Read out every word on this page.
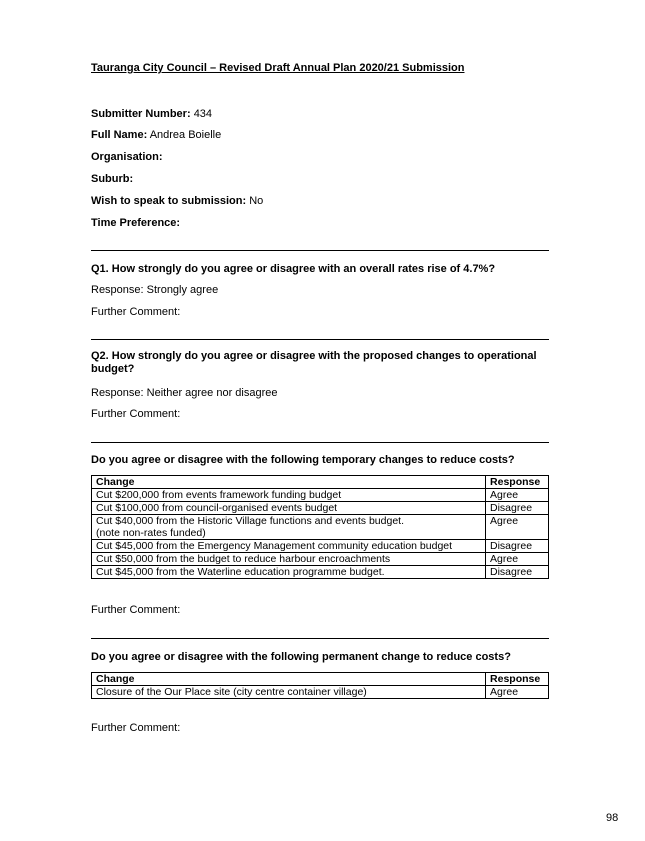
Tauranga City Council – Revised Draft Annual Plan 2020/21 Submission
Submitter Number: 434
Full Name: Andrea Boielle
Organisation:
Suburb:
Wish to speak to submission: No
Time Preference:
Q1. How strongly do you agree or disagree with an overall rates rise of 4.7%?
Response: Strongly agree
Further Comment:
Q2. How strongly do you agree or disagree with the proposed changes to operational budget?
Response: Neither agree nor disagree
Further Comment:
Do you agree or disagree with the following temporary changes to reduce costs?
Change	Response
Cut $200,000 from events framework funding budget	Agree
Cut $100,000 from council-organised events budget	Disagree

Cut $40,000 from the Historic Village functions and events budget.
(note non-rates funded)	Agree
Cut $45,000 from the Emergency Management community education budget	Disagree
Cut $50,000 from the budget to reduce harbour encroachments	Agree
Cut $45,000 from the Waterline education programme budget.	Disagree
Further Comment:
Do you agree or disagree with the following permanent change to reduce costs?
Change	Response
Closure of the Our Place site (city centre container village)	Agree
Further Comment:
98
